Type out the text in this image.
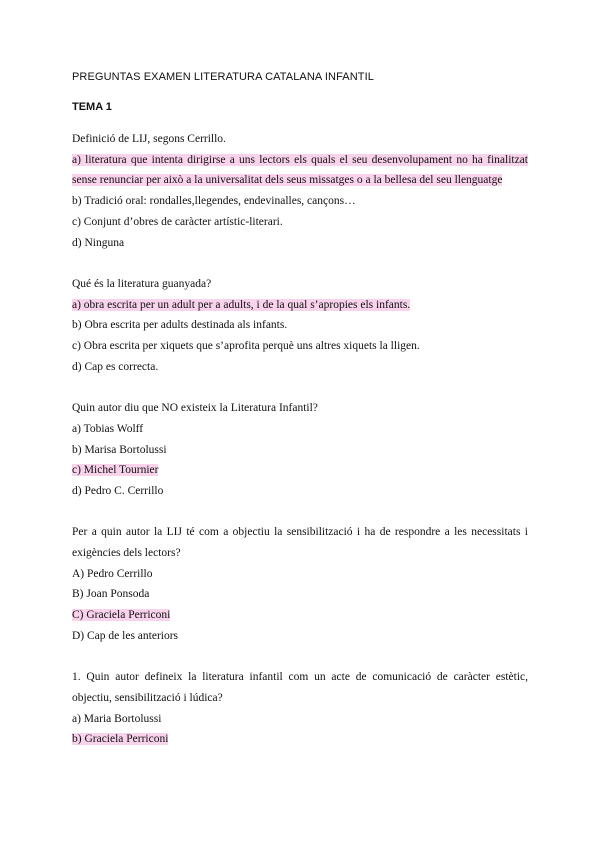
PREGUNTAS EXAMEN LITERATURA CATALANA INFANTIL
TEMA 1
Definició de LIJ, segons Cerrillo.
a) literatura que intenta dirigirse a uns lectors els quals el seu desenvolupament no ha finalitzat sense renunciar per això a la universalitat dels seus missatges o a la bellesa del seu llenguatge
b) Tradició oral: rondalles,llegendes, endevinalles, cançons…
c) Conjunt d’obres de caràcter artístic-literari.
d) Ninguna
Qué és la literatura guanyada?
a) obra escrita per un adult per a adults, i de la qual s’apropies els infants.
b) Obra escrita per adults destinada als infants.
c) Obra escrita per xiquets que s’aprofita perquè uns altres xiquets la lligen.
d) Cap es correcta.
Quin autor diu que NO existeix la Literatura Infantil?
a) Tobias Wolff
b) Marisa Bortolussi
c) Michel Tournier
d) Pedro C. Cerrillo
Per a quin autor la LIJ té com a objectiu la sensibilització i ha de respondre a les necessitats i exigències dels lectors?
A) Pedro Cerrillo
B) Joan Ponsoda
C) Graciela Perriconi
D) Cap de les anteriors
1. Quin autor defineix la literatura infantil com un acte de comunicació de caràcter estètic, objectiu, sensibilització i lúdica?
a) Maria Bortolussi
b) Graciela Perriconi
